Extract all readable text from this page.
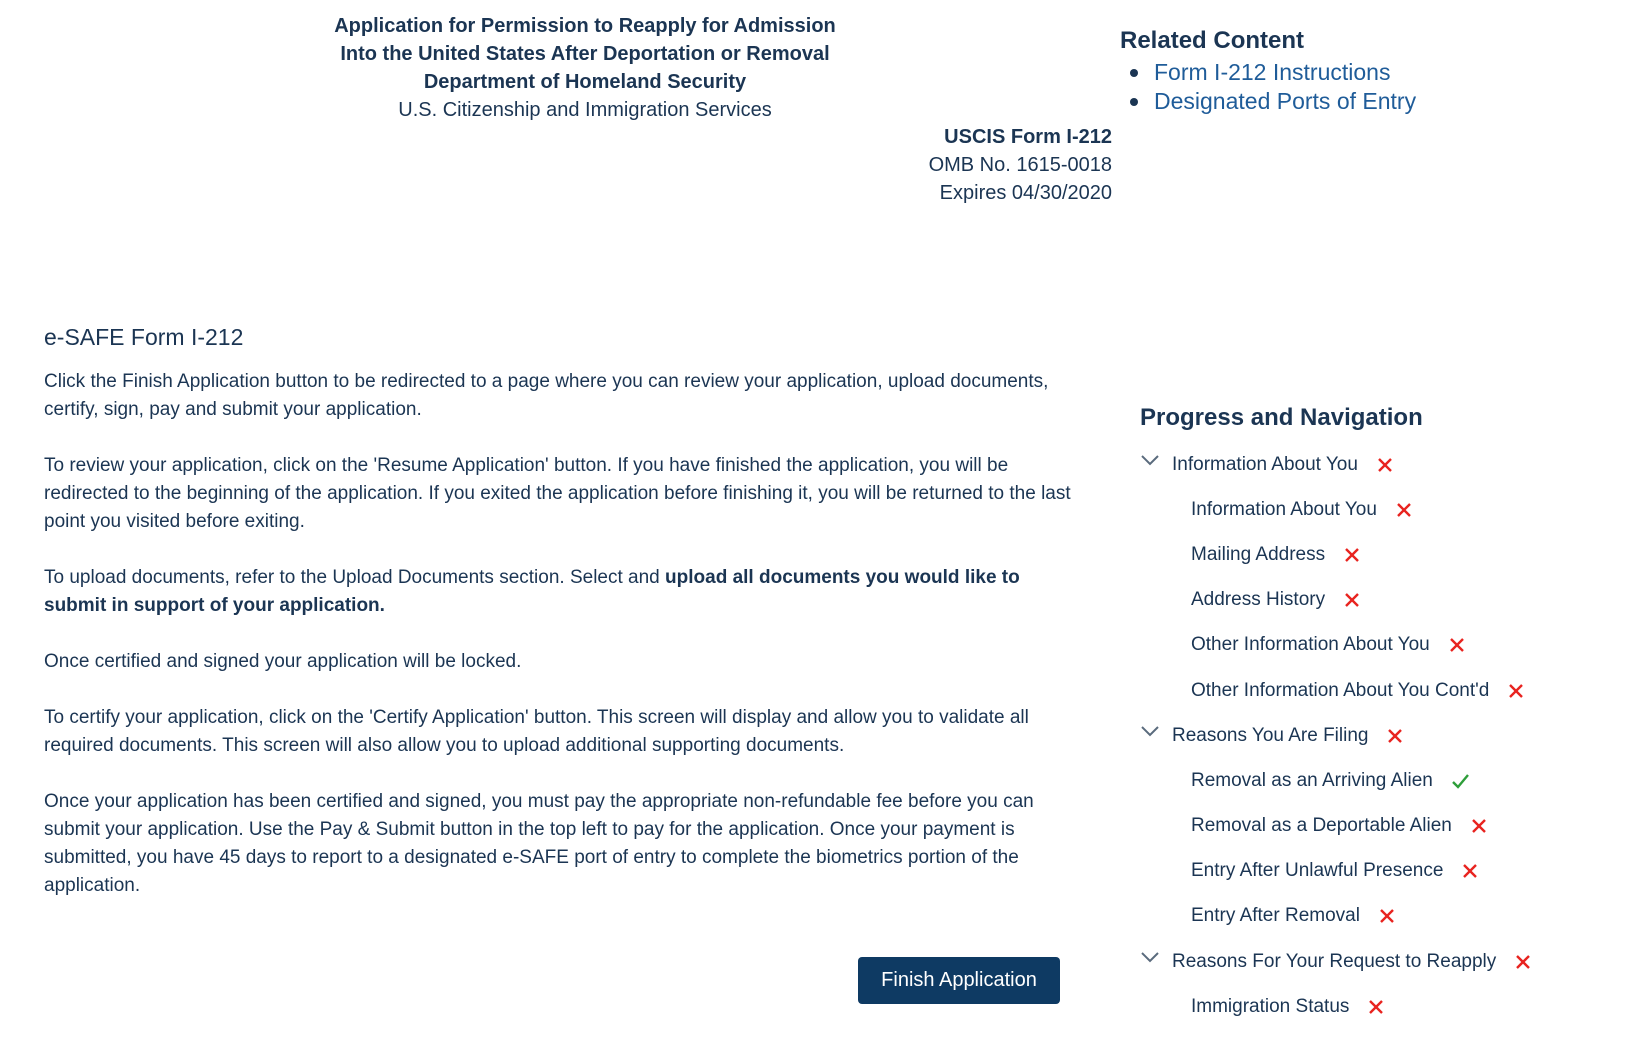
Application for Permission to Reapply for Admission
Into the United States After Deportation or Removal
Department of Homeland Security
U.S. Citizenship and Immigration Services
USCIS Form I-212
OMB No. 1615-0018
Expires 04/30/2020
Related Content
Form I-212 Instructions
Designated Ports of Entry
e-SAFE Form I-212

Click the Finish Application button to be redirected to a page where you can review your application, upload documents, certify, sign, pay and submit your application.

To review your application, click on the 'Resume Application' button. If you have finished the application, you will be redirected to the beginning of the application. If you exited the application before finishing it, you will be returned to the last point you visited before exiting.

To upload documents, refer to the Upload Documents section. Select and upload all documents you would like to submit in support of your application.

Once certified and signed your application will be locked.

To certify your application, click on the 'Certify Application' button. This screen will display and allow you to validate all required documents. This screen will also allow you to upload additional supporting documents.

Once your application has been certified and signed, you must pay the appropriate non-refundable fee before you can submit your application. Use the Pay & Submit button in the top left to pay for the application. Once your payment is submitted, you have 45 days to report to a designated e-SAFE port of entry to complete the biometrics portion of the application.

Finish Application
Progress and Navigation
Information About You
Information About You
Mailing Address
Address History
Other Information About You
Other Information About You Cont'd
Reasons You Are Filing
Removal as an Arriving Alien
Removal as a Deportable Alien
Entry After Unlawful Presence
Entry After Removal
Reasons For Your Request to Reapply
Immigration Status
